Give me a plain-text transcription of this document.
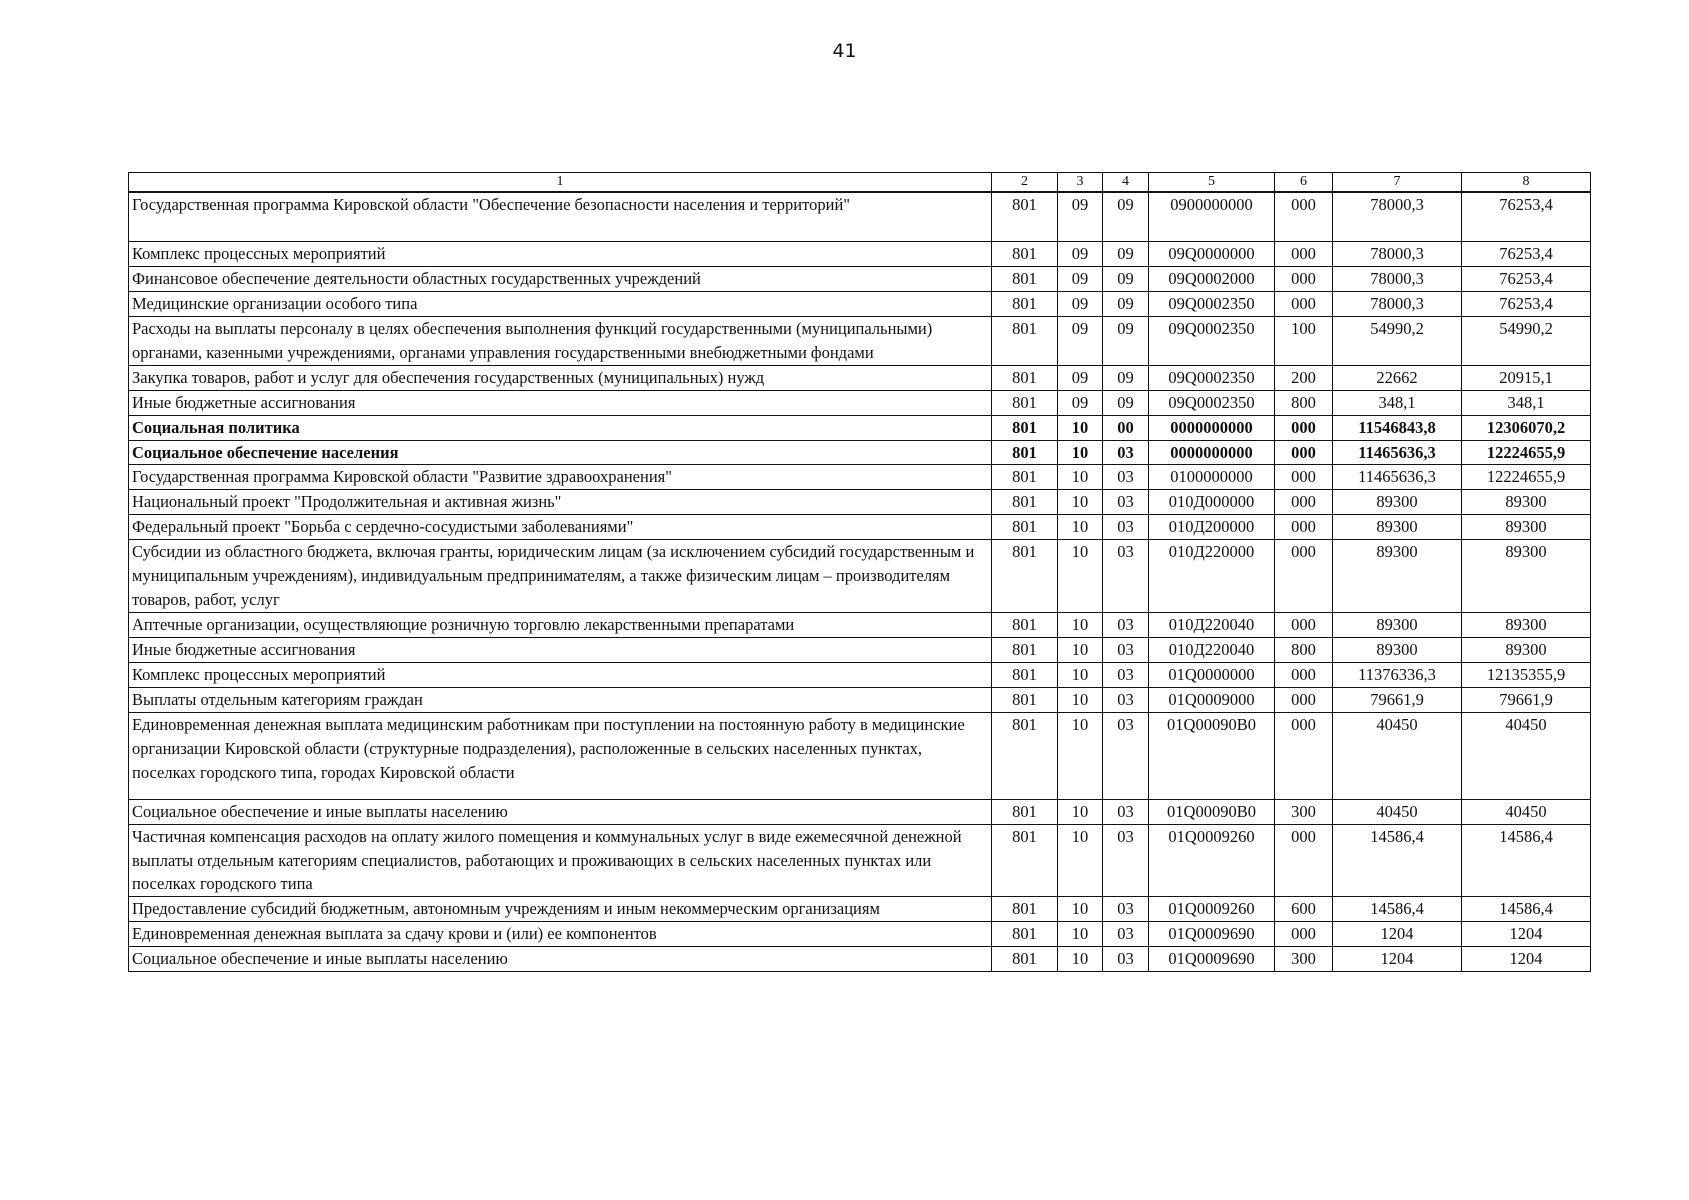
41
1	2	3	4	5	6	7	8
Государственная программа Кировской области "Обеспечение безопасности населения и территорий"	801	09	09	0900000000	000	78000,3	76253,4
Комплекс процессных мероприятий	801	09	09	09Q0000000	000	78000,3	76253,4
Финансовое обеспечение деятельности областных государственных учреждений	801	09	09	09Q0002000	000	78000,3	76253,4
Медицинские организации особого типа	801	09	09	09Q0002350	000	78000,3	76253,4
Расходы на выплаты персоналу в целях обеспечения выполнения функций государственными (муниципальными) органами, казенными учреждениями, органами управления государственными внебюджетными фондами	801	09	09	09Q0002350	100	54990,2	54990,2
Закупка товаров, работ и услуг для обеспечения государственных (муниципальных) нужд	801	09	09	09Q0002350	200	22662	20915,1
Иные бюджетные ассигнования	801	09	09	09Q0002350	800	348,1	348,1
Социальная политика	801	10	00	0000000000	000	11546843,8	12306070,2
Социальное обеспечение населения	801	10	03	0000000000	000	11465636,3	12224655,9
Государственная программа Кировской области "Развитие здравоохранения"	801	10	03	0100000000	000	11465636,3	12224655,9
Национальный проект "Продолжительная и активная жизнь"	801	10	03	010Д000000	000	89300	89300
Федеральный проект "Борьба с сердечно-сосудистыми заболеваниями"	801	10	03	010Д200000	000	89300	89300
Субсидии из областного бюджета, включая гранты, юридическим лицам (за исключением субсидий государственным и муниципальным учреждениям), индивидуальным предпринимателям, а также физическим лицам – производителям товаров, работ, услуг	801	10	03	010Д220000	000	89300	89300
Аптечные организации, осуществляющие розничную торговлю лекарственными препаратами	801	10	03	010Д220040	000	89300	89300
Иные бюджетные ассигнования	801	10	03	010Д220040	800	89300	89300
Комплекс процессных мероприятий	801	10	03	01Q0000000	000	11376336,3	12135355,9
Выплаты отдельным категориям граждан	801	10	03	01Q0009000	000	79661,9	79661,9
Единовременная денежная выплата медицинским работникам при поступлении на постоянную работу в медицинские организации Кировской области (структурные подразделения), расположенные в сельских населенных пунктах, поселках городского типа, городах Кировской области	801	10	03	01Q00090B0	000	40450	40450
Социальное обеспечение и иные выплаты населению	801	10	03	01Q00090B0	300	40450	40450
Частичная компенсация расходов на оплату жилого помещения и коммунальных услуг в виде ежемесячной денежной выплаты отдельным категориям специалистов, работающих и проживающих в сельских населенных пунктах или поселках городского типа	801	10	03	01Q0009260	000	14586,4	14586,4
Предоставление субсидий бюджетным, автономным учреждениям и иным некоммерческим организациям	801	10	03	01Q0009260	600	14586,4	14586,4
Единовременная денежная выплата за сдачу крови и (или) ее компонентов	801	10	03	01Q0009690	000	1204	1204
Социальное обеспечение и иные выплаты населению	801	10	03	01Q0009690	300	1204	1204
